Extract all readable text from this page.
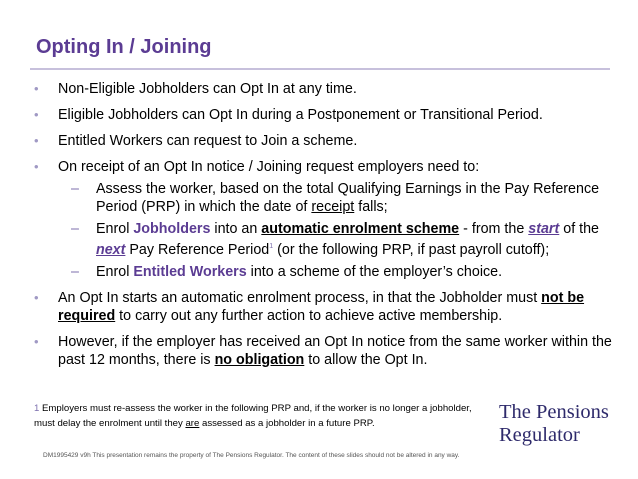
Opting In / Joining
• Non-Eligible Jobholders can Opt In at any time.
• Eligible Jobholders can Opt In during a Postponement or Transitional Period.
• Entitled Workers can request to Join a scheme.
• On receipt of an Opt In notice / Joining request employers need to:
– Assess the worker, based on the total Qualifying Earnings in the Pay Reference Period (PRP) in which the date of receipt falls;
– Enrol Jobholders into an automatic enrolment scheme - from the start of the next Pay Reference Period$^1$ (or the following PRP, if past payroll cutoff);
– Enrol Entitled Workers into a scheme of the employer’s choice.
• An Opt In starts an automatic enrolment process, in that the Jobholder must not be required to carry out any further action to achieve active membership.
• However, if the employer has received an Opt In notice from the same worker within the past 12 months, there is no obligation to allow the Opt In.
1 Employers must re-assess the worker in the following PRP and, if the worker is no longer a jobholder, must delay the enrolment until they are assessed as a jobholder in a future PRP.
The Pensions
Regulator
DM1995429 v9h This presentation remains the property of The Pensions Regulator. The content of these slides should not be altered in any way.
